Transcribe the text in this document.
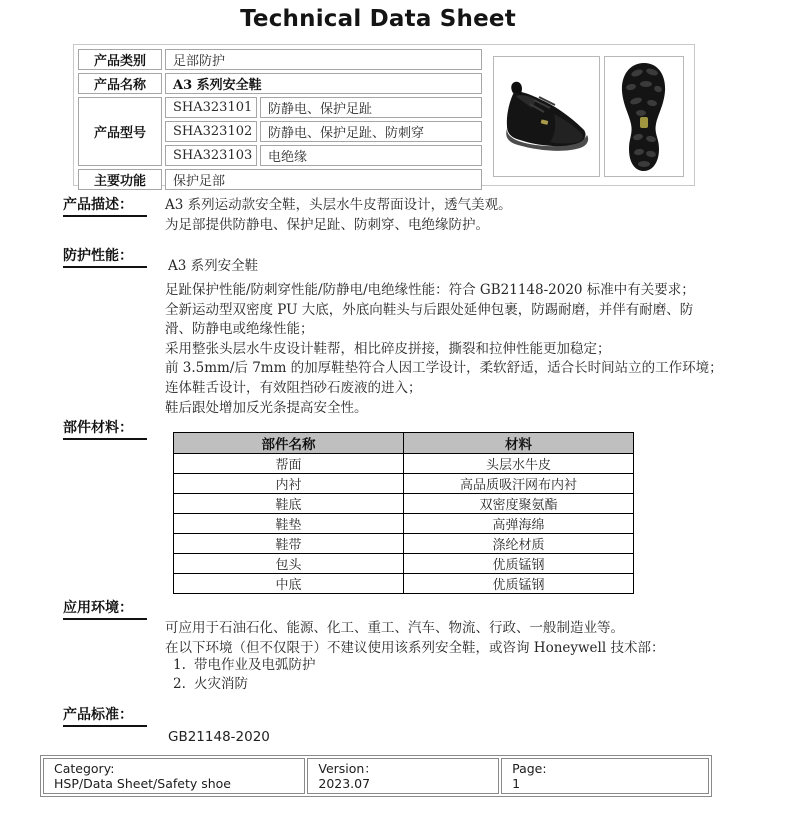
Technical Data Sheet
产品类别	足部防护	
产品名称	A3 系列安全鞋	
产品型号	SHA323101	防静电、保护足趾
	SHA323102	防静电、保护足趾、防刺穿
	SHA323103	电绝缘
主要功能	保护足部	
产品描述：	A3 系列运动款安全鞋，头层水牛皮帮面设计，透气美观。
为足部提供防静电、保护足趾、防刺穿、电绝缘防护。
防护性能：
A3 系列安全鞋
足趾保护性能/防刺穿性能/防静电/电绝缘性能：符合 GB21148-2020 标准中有关要求；
全新运动型双密度 PU 大底，外底向鞋头与后跟处延伸包裹，防踢耐磨，并伴有耐磨、防
滑、防静电或绝缘性能；
采用整张头层水牛皮设计鞋帮，相比碎皮拼接，撕裂和拉伸性能更加稳定；
前 3.5mm/后 7mm 的加厚鞋垫符合人因工学设计，柔软舒适，适合长时间站立的工作环境；
连体鞋舌设计，有效阻挡砂石废液的进入；
鞋后跟处增加反光条提高安全性。
部件材料：
部件名称	材料
帮面	头层水牛皮
内衬	高品质吸汗网布内衬
鞋底	双密度聚氨酯
鞋垫	高弹海绵
鞋带	涤纶材质
包头	优质锰钢
中底	优质锰钢
应用环境：
可应用于石油石化、能源、化工、重工、汽车、物流、行政、一般制造业等。
在以下环境（但不仅限于）不建议使用该系列安全鞋，或咨询 Honeywell 技术部：
1. 带电作业及电弧防护
2. 火灾消防
产品标准：
GB21148-2020
Category:
HSP/Data Sheet/Safety shoe

Version：
2023.07

Page:
1
